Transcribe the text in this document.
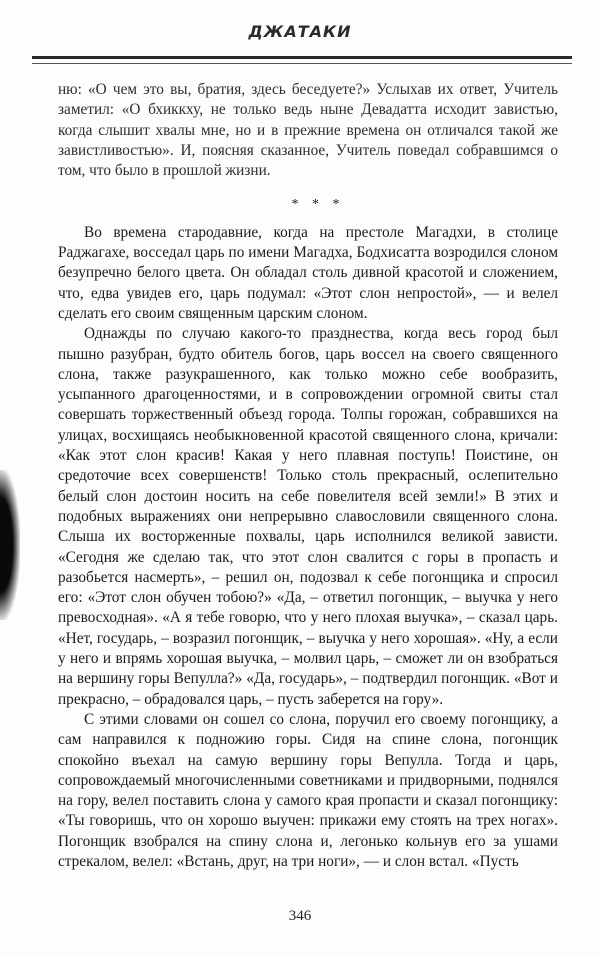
ДЖАТАКИ

ню: «О чем это вы, братия, здесь беседуете?» Услыхав их ответ, Учитель заметил: «О бхиккху, не только ведь ныне Девадатта исходит завистью, когда слышит хвалы мне, но и в прежние времена он отличался такой же завистливостью». И, поясняя сказанное, Учитель поведал собравшимся о том, что было в прошлой жизни.

* * *

Во времена стародавние, когда на престоле Магадхи, в столице Раджагахе, восседал царь по имени Магадха, Бодхисатта возродился слоном безупречно белого цвета. Он обладал столь дивной красотой и сложением, что, едва увидев его, царь подумал: «Этот слон непростой», — и велел сделать его своим священным царским слоном.

Однажды по случаю какого-то празднества, когда весь город был пышно разубран, будто обитель богов, царь воссел на своего священного слона, также разукрашенного, как только можно себе вообразить, усыпанного драгоценностями, и в сопровождении огромной свиты стал совершать торжественный объезд города. Толпы горожан, собравшихся на улицах, восхищаясь необыкновенной красотой священного слона, кричали: «Как этот слон красив! Какая у него плавная поступь! Поистине, он средоточие всех совершенств! Только столь прекрасный, ослепительно белый слон достоин носить на себе повелителя всей земли!» В этих и подобных выражениях они непрерывно славословили священного слона. Слыша их восторженные похвалы, царь исполнился великой зависти. «Сегодня же сделаю так, что этот слон свалится с горы в пропасть и разобьется насмерть», – решил он, подозвал к себе погонщика и спросил его: «Этот слон обучен тобою?» «Да, – ответил погонщик, – выучка у него превосходная». «А я тебе говорю, что у него плохая выучка», – сказал царь. «Нет, государь, – возразил погонщик, – выучка у него хорошая». «Ну, а если у него и впрямь хорошая выучка, – молвил царь, – сможет ли он взобраться на вершину горы Вепулла?» «Да, государь», – подтвердил погонщик. «Вот и прекрасно, – обрадовался царь, – пусть заберется на гору».

С этими словами он сошел со слона, поручил его своему погонщику, а сам направился к подножию горы. Сидя на спине слона, погонщик спокойно въехал на самую вершину горы Вепулла. Тогда и царь, сопровождаемый многочисленными советниками и придворными, поднялся на гору, велел поставить слона у самого края пропасти и сказал погонщику: «Ты говоришь, что он хорошо выучен: прикажи ему стоять на трех ногах». Погонщик взобрался на спину слона и, легонько кольнув его за ушами стрекалом, велел: «Встань, друг, на три ноги», — и слон встал. «Пусть

346
